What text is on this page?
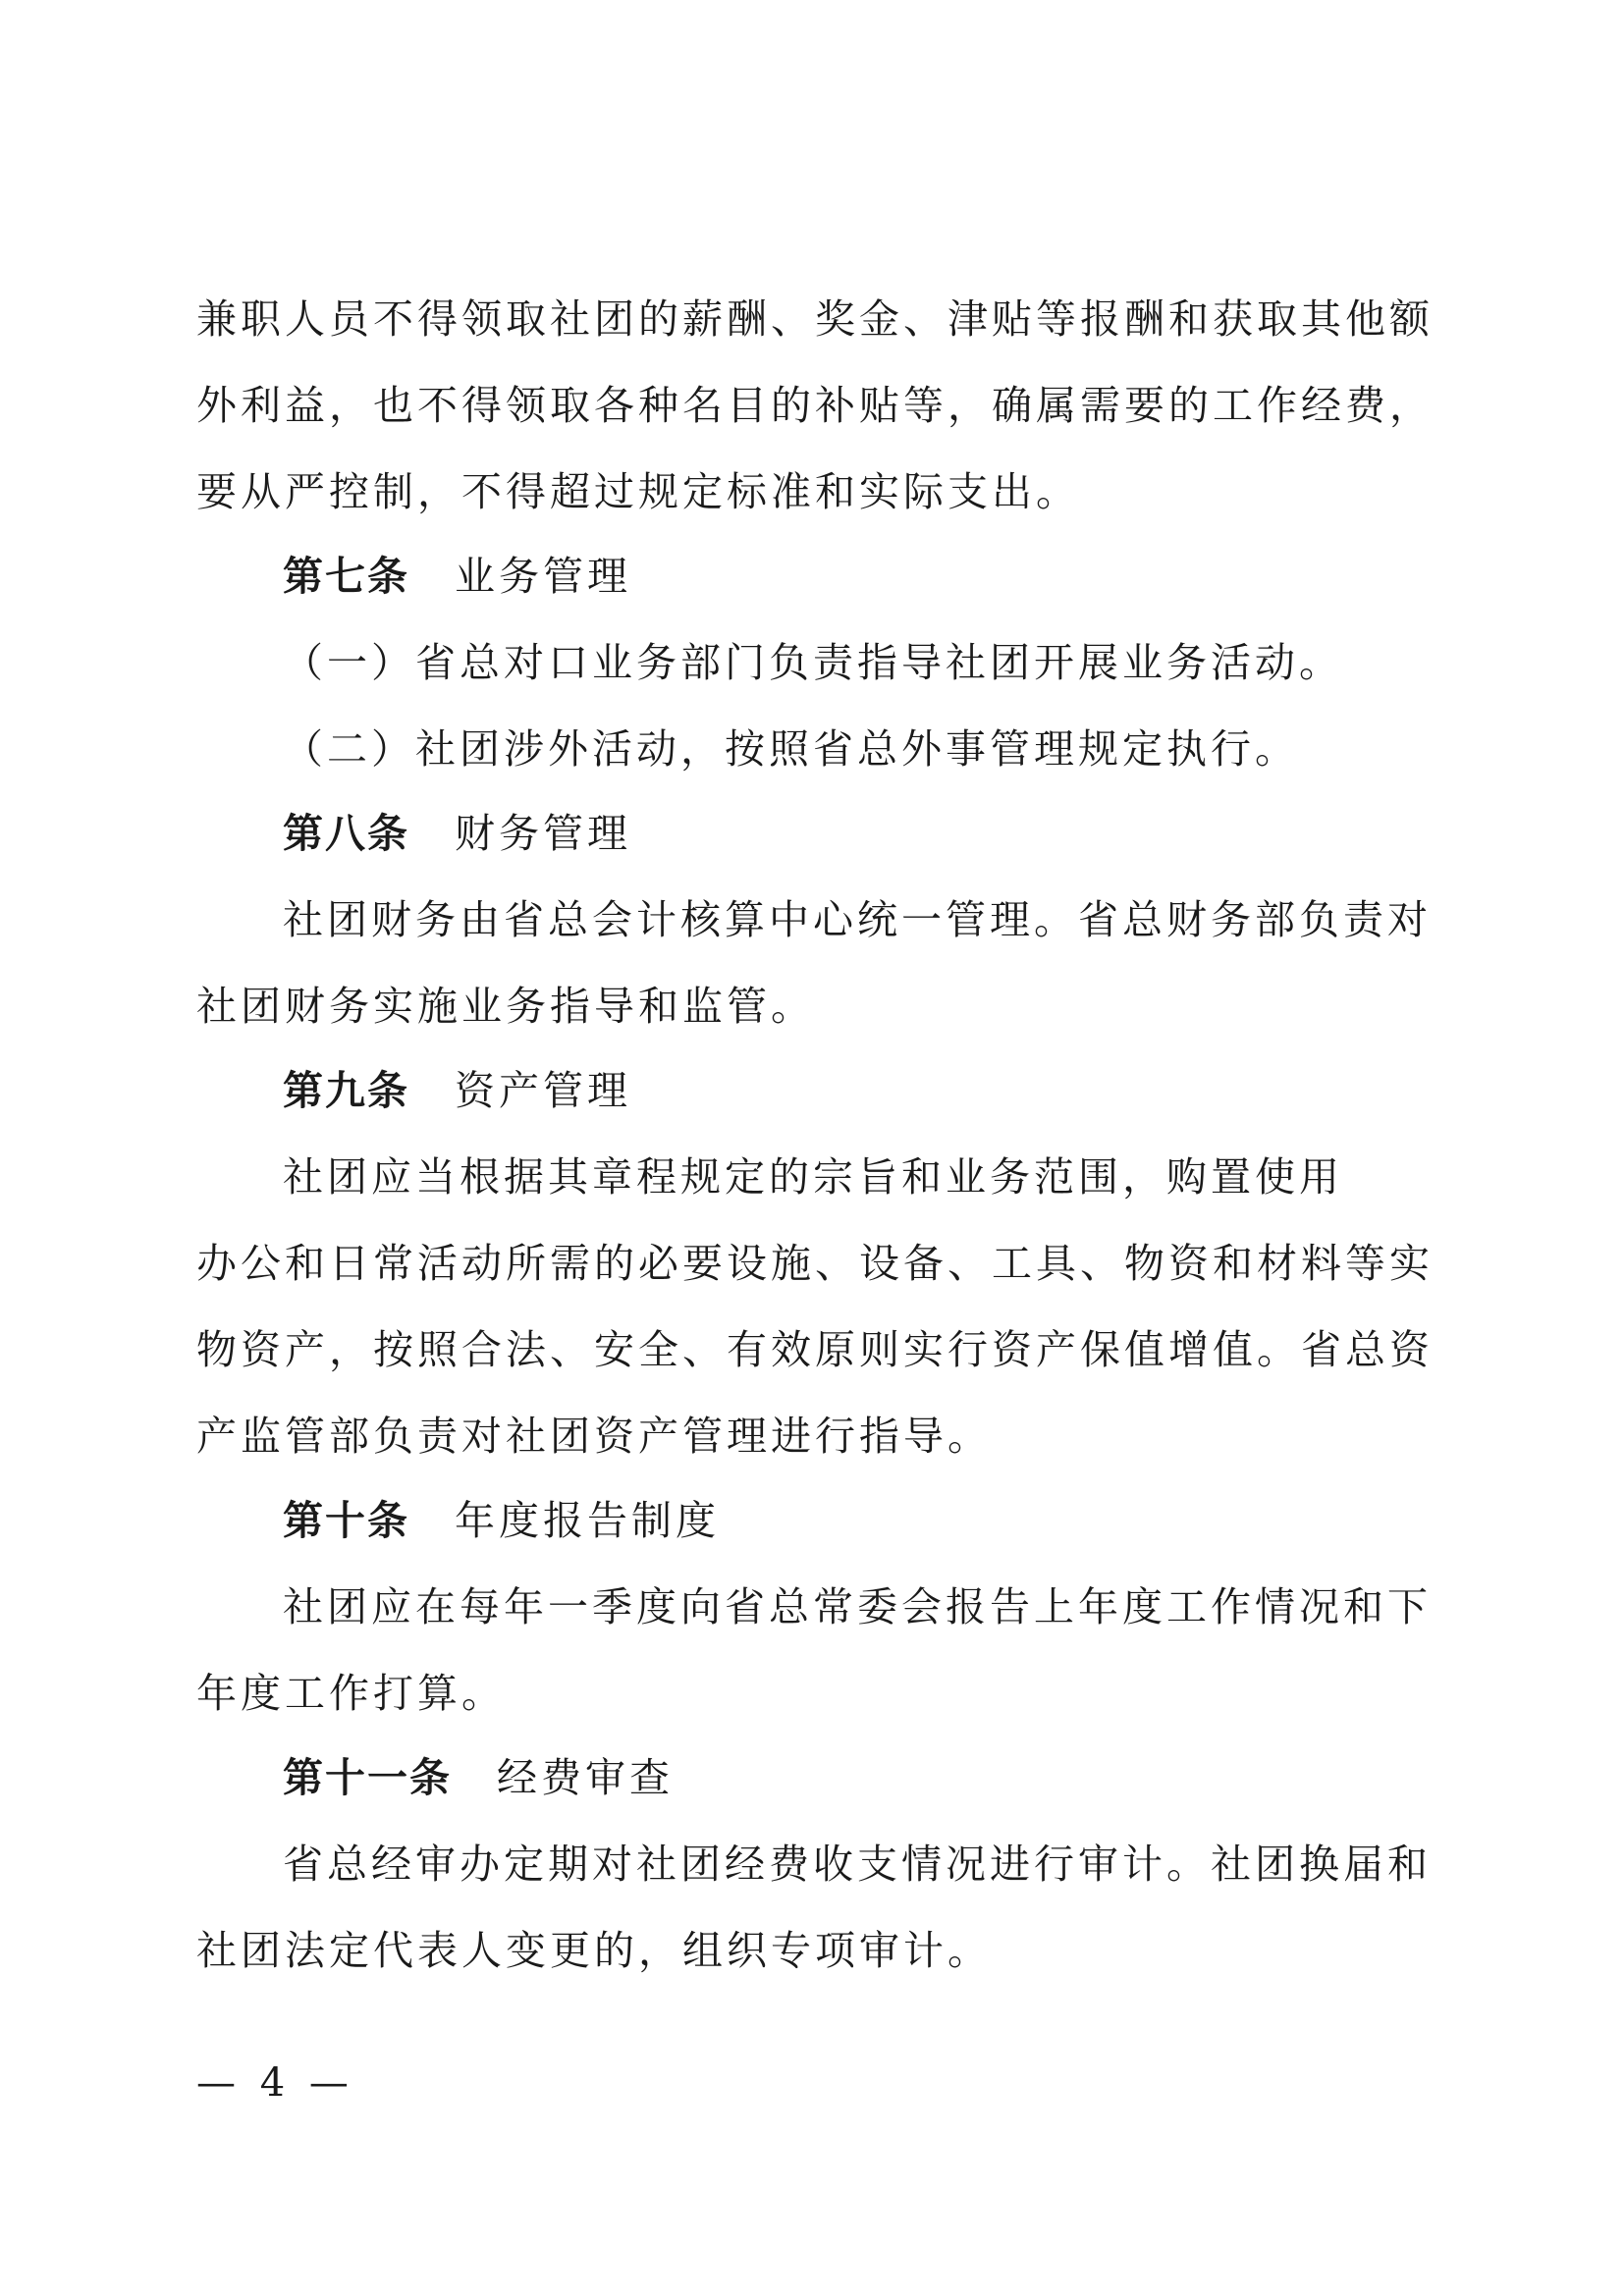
兼职人员不得领取社团的薪酬、奖金、津贴等报酬和获取其他额
外利益，也不得领取各种名目的补贴等，确属需要的工作经费，
要从严控制，不得超过规定标准和实际支出。
第七条 业务管理
（一）省总对口业务部门负责指导社团开展业务活动。
（二）社团涉外活动，按照省总外事管理规定执行。
第八条 财务管理
社团财务由省总会计核算中心统一管理。省总财务部负责对
社团财务实施业务指导和监管。
第九条 资产管理
社团应当根据其章程规定的宗旨和业务范围，购置使用
办公和日常活动所需的必要设施、设备、工具、物资和材料等实
物资产，按照合法、安全、有效原则实行资产保值增值。省总资
产监管部负责对社团资产管理进行指导。
第十条 年度报告制度
社团应在每年一季度向省总常委会报告上年度工作情况和下
年度工作打算。
第十一条 经费审查
省总经审办定期对社团经费收支情况进行审计。社团换届和
社团法定代表人变更的，组织专项审计。
— 4 —
